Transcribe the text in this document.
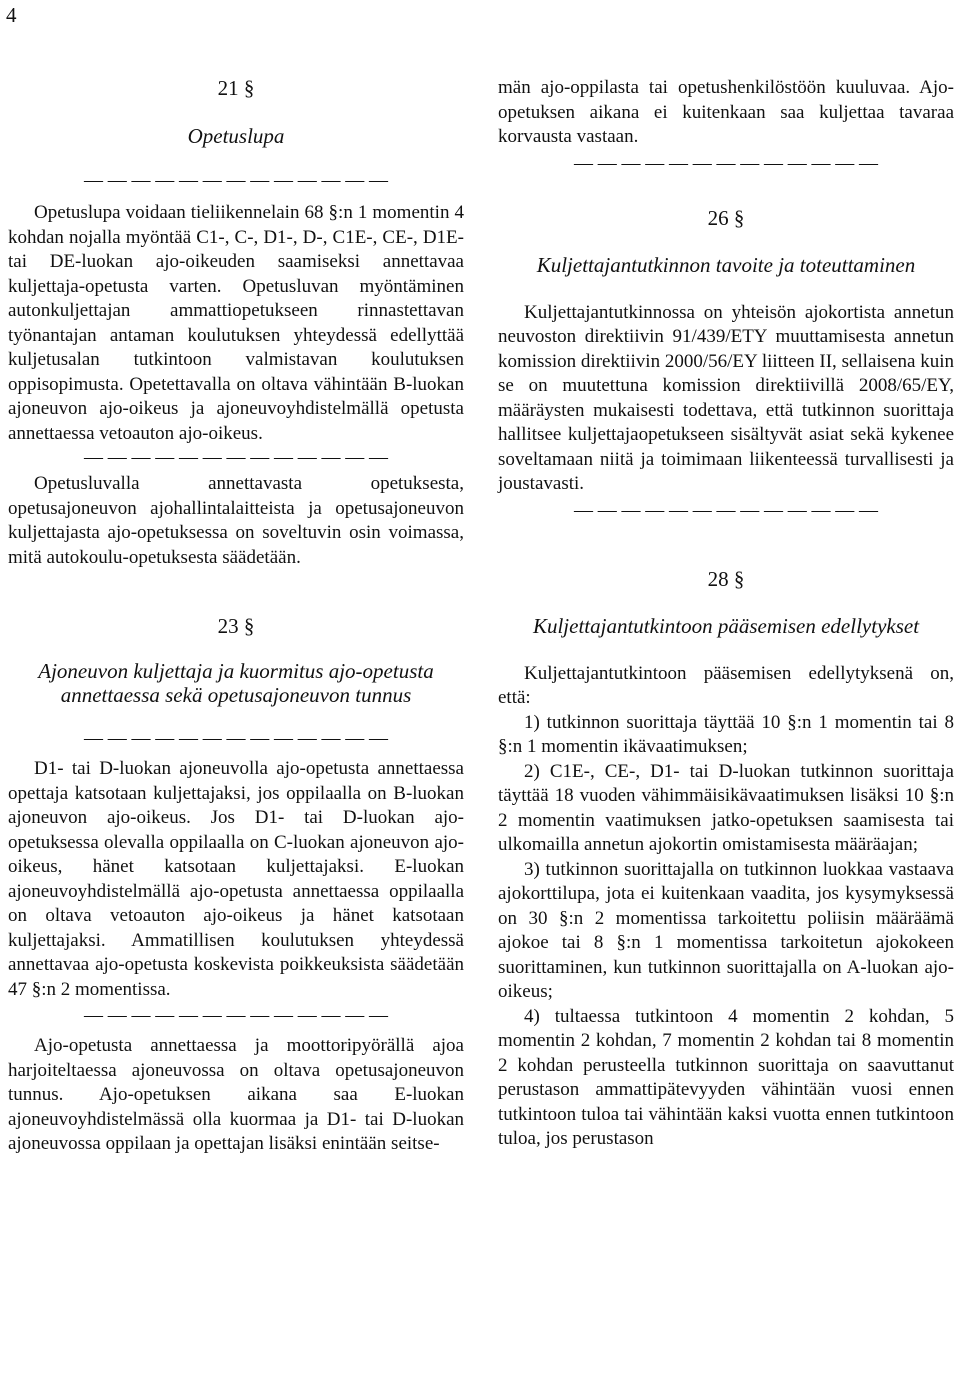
4

21 §

Opetuslupa

— — — — — — — — — — — — —

Opetuslupa voidaan tieliikennelain 68 §:n 1 momentin 4 kohdan nojalla myöntää C1-, C-, D1-, D-, C1E-, CE-, D1E- tai DE-luokan ajo-oikeuden saamiseksi annettavaa kuljettaja-opetusta varten. Opetusluvan myöntäminen autonkuljettajan ammattiopetukseen rinnastettavan työnantajan antaman koulutuksen yhteydessä edellyttää kuljetusalan tutkintoon valmistavan koulutuksen oppisopimusta. Opetettavalla on oltava vähintään B-luokan ajoneuvon ajo-oikeus ja ajoneuvoyhdistelmällä opetusta annettaessa vetoauton ajo-oikeus.

— — — — — — — — — — — — —

Opetusluvalla annettavasta opetuksesta, opetusajoneuvon ajohallintalaitteista ja opetusajoneuvon kuljettajasta ajo-opetuksessa on soveltuvin osin voimassa, mitä autokoulu-opetuksesta säädetään.

23 §

Ajoneuvon kuljettaja ja kuormitus ajo-opetusta annettaessa sekä opetusajoneuvon tunnus

— — — — — — — — — — — — —

D1- tai D-luokan ajoneuvolla ajo-opetusta annettaessa opettaja katsotaan kuljettajaksi, jos oppilaalla on B-luokan ajoneuvon ajo-oikeus. Jos D1- tai D-luokan ajo-opetuksessa olevalla oppilaalla on C-luokan ajoneuvon ajo-oikeus, hänet katsotaan kuljettajaksi. E-luokan ajoneuvoyhdistelmällä ajo-opetusta annettaessa oppilaalla on oltava vetoauton ajo-oikeus ja hänet katsotaan kuljettajaksi. Ammatillisen koulutuksen yhteydessä annettavaa ajo-opetusta koskevista poikkeuksista säädetään 47 §:n 2 momentissa.

— — — — — — — — — — — — —

Ajo-opetusta annettaessa ja moottoripyörällä ajoa harjoiteltaessa ajoneuvossa on oltava opetusajoneuvon tunnus. Ajo-opetuksen aikana saa E-luokan ajoneuvoyhdistelmässä olla kuormaa ja D1- tai D-luokan ajoneuvossa oppilaan ja opettajan lisäksi enintään seitse-

män ajo-oppilasta tai opetushenkilöstöön kuuluvaa. Ajo-opetuksen aikana ei kuitenkaan saa kuljettaa tavaraa korvausta vastaan.

— — — — — — — — — — — — —

26 §

Kuljettajantutkinnon tavoite ja toteuttaminen

Kuljettajantutkinnossa on yhteisön ajokortista annetun neuvoston direktiivin 91/439/ETY muuttamisesta annetun komission direktiivin 2000/56/EY liitteen II, sellaisena kuin se on muutettuna komission direktiivillä 2008/65/EY, määräysten mukaisesti todettava, että tutkinnon suorittaja hallitsee kuljettajaopetukseen sisältyvät asiat sekä kykenee soveltamaan niitä ja toimimaan liikenteessä turvallisesti ja joustavasti.

— — — — — — — — — — — — —

28 §

Kuljettajantutkintoon pääsemisen edellytykset

Kuljettajantutkintoon pääsemisen edellytyksenä on, että:

1) tutkinnon suorittaja täyttää 10 §:n 1 momentin tai 8 §:n 1 momentin ikävaatimuksen;

2) C1E-, CE-, D1- tai D-luokan tutkinnon suorittaja täyttää 18 vuoden vähimmäisikävaatimuksen lisäksi 10 §:n 2 momentin vaatimuksen jatko-opetuksen saamisesta tai ulkomailla annetun ajokortin omistamisesta määräajan;

3) tutkinnon suorittajalla on tutkinnon luokkaa vastaava ajokorttilupa, jota ei kuitenkaan vaadita, jos kysymyksessä on 30 §:n 2 momentissa tarkoitettu poliisin määräämä ajokoe tai 8 §:n 1 momentissa tarkoitetun ajokokeen suorittaminen, kun tutkinnon suorittajalla on A-luokan ajo-oikeus;

4) tultaessa tutkintoon 4 momentin 2 kohdan, 5 momentin 2 kohdan, 7 momentin 2 kohdan tai 8 momentin 2 kohdan perusteella tutkinnon suorittaja on saavuttanut perustason ammattipätevyyden vähintään vuosi ennen tutkintoon tuloa tai vähintään kaksi vuotta ennen tutkintoon tuloa, jos perustason
